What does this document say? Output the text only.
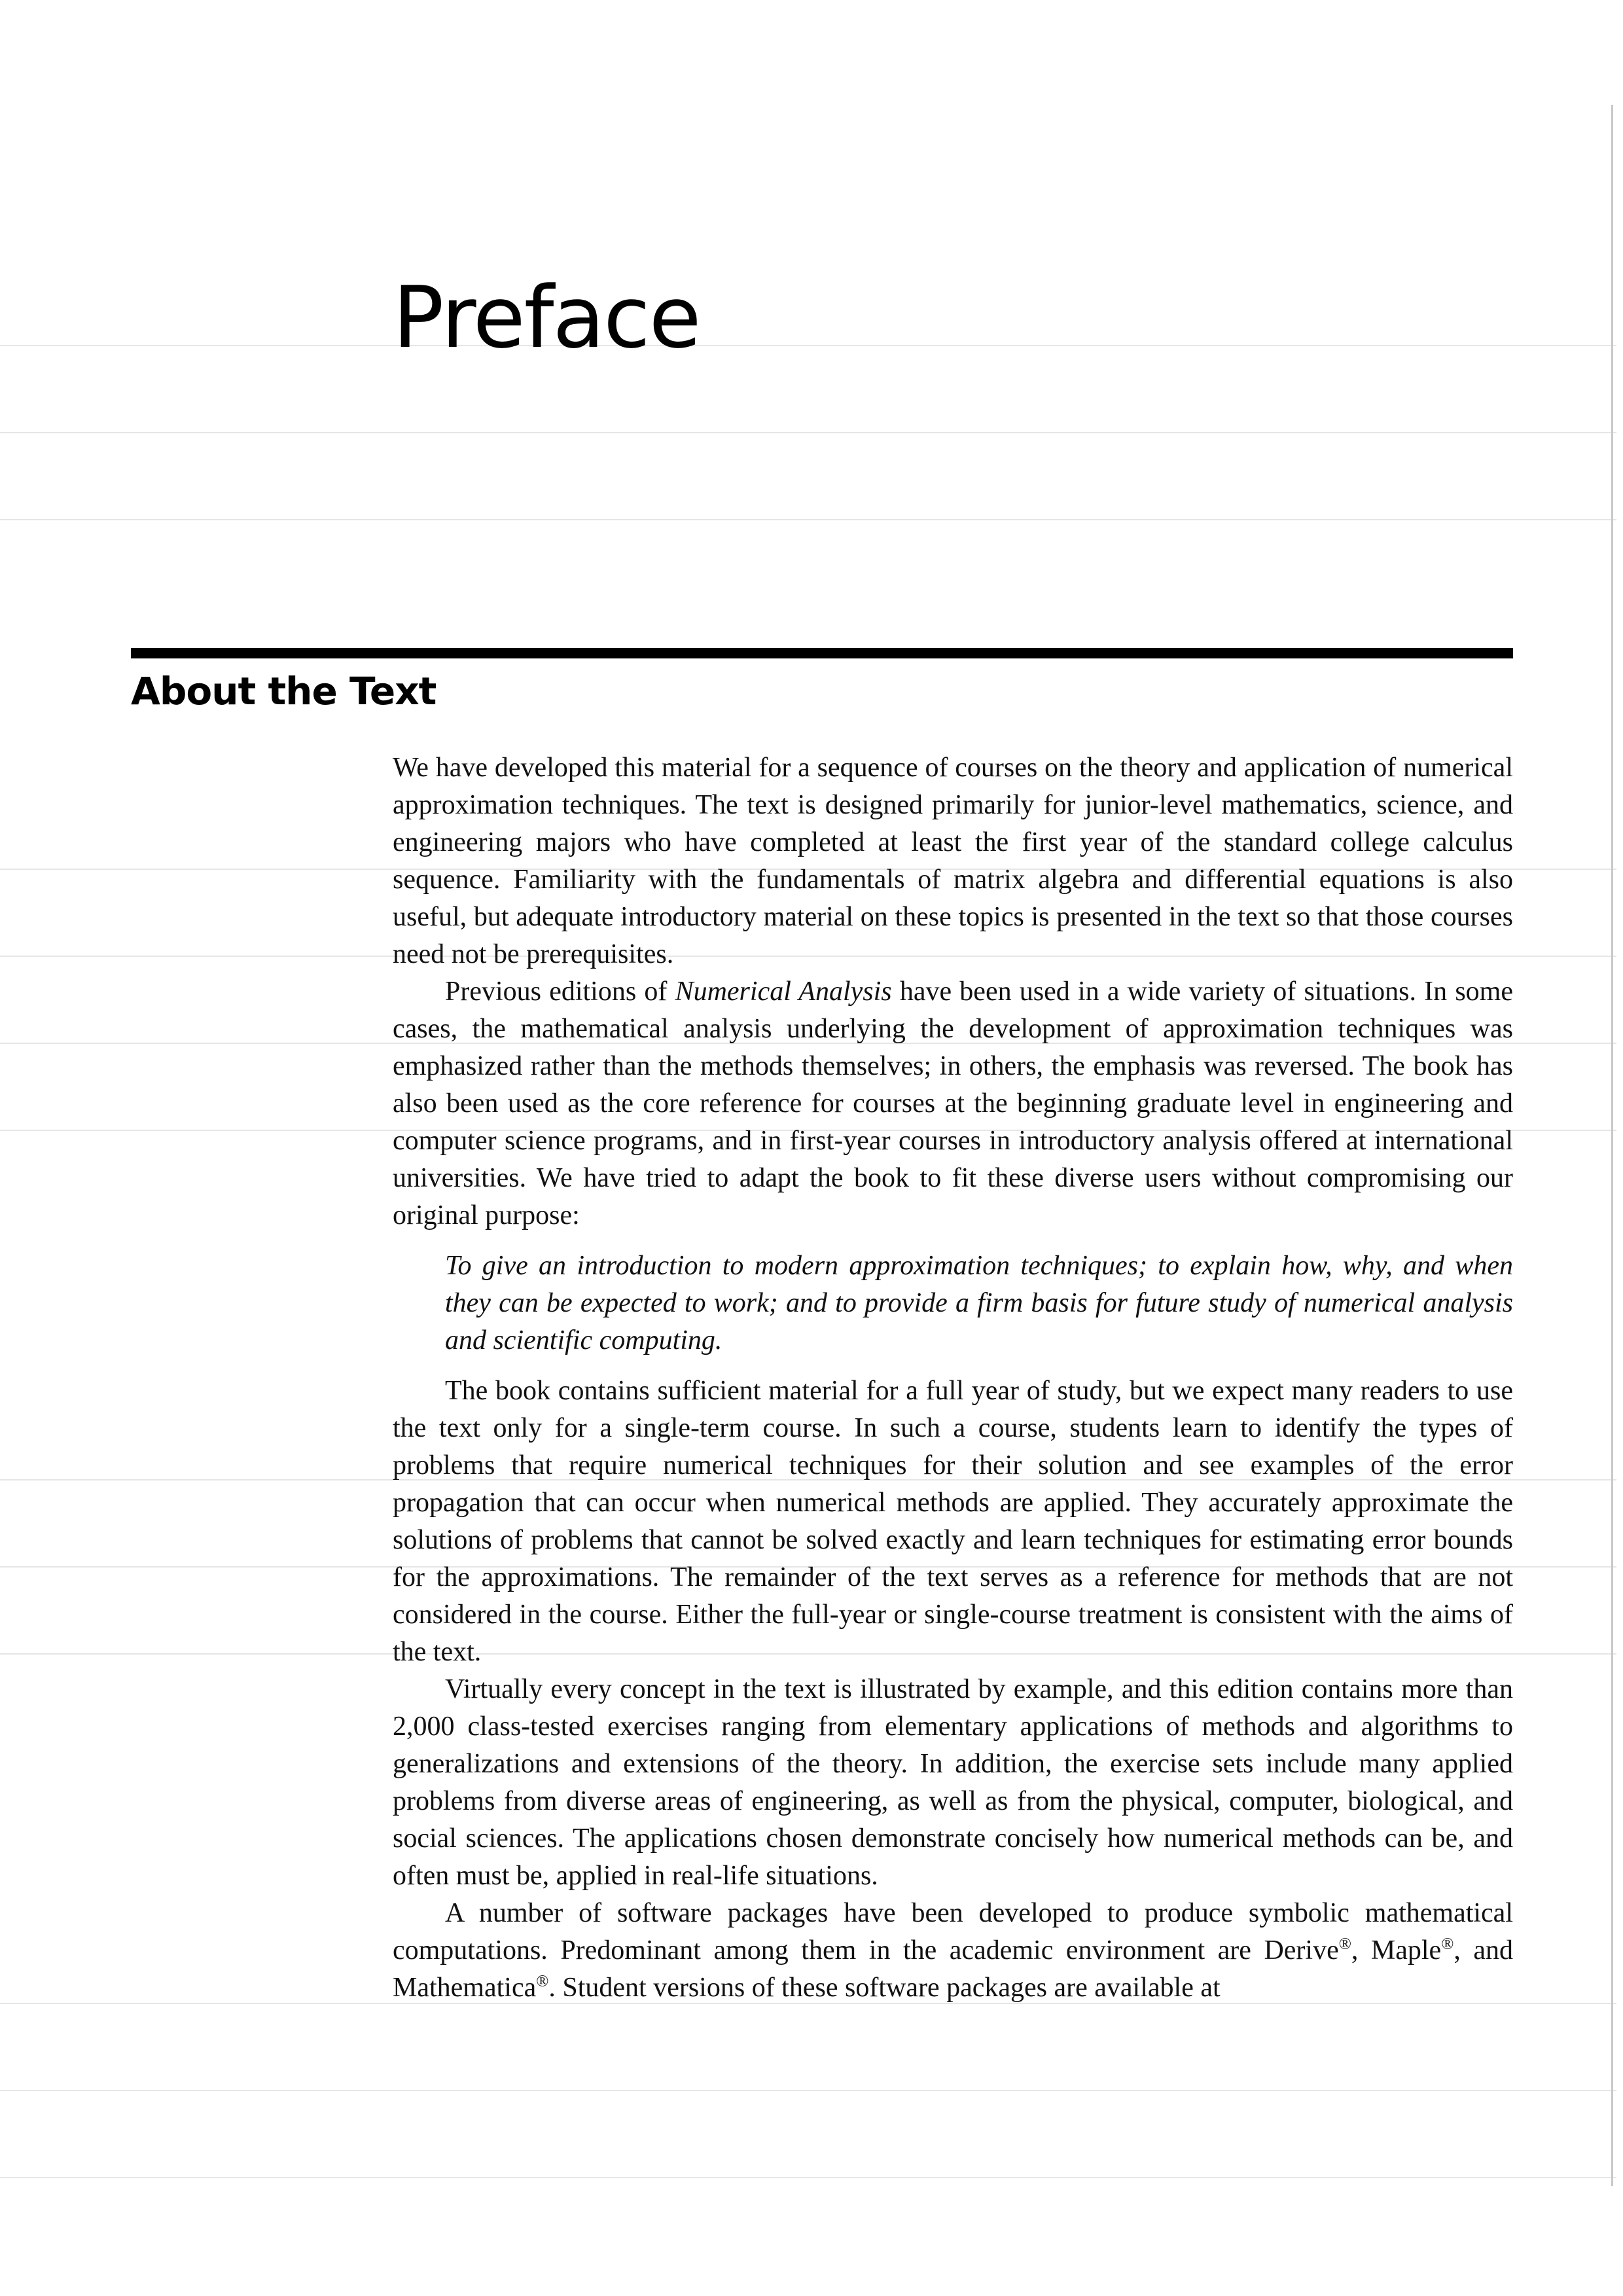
Preface
About the Text

We have developed this material for a sequence of courses on the theory and application of numerical approximation techniques. The text is designed primarily for junior-level mathematics, science, and engineering majors who have completed at least the first year of the standard college calculus sequence. Familiarity with the fundamentals of matrix algebra and differential equations is also useful, but adequate introductory material on these topics is presented in the text so that those courses need not be prerequisites.

Previous editions of Numerical Analysis have been used in a wide variety of situations. In some cases, the mathematical analysis underlying the development of approximation techniques was emphasized rather than the methods themselves; in others, the emphasis was reversed. The book has also been used as the core reference for courses at the beginning graduate level in engineering and computer science programs, and in first-year courses in introductory analysis offered at international universities. We have tried to adapt the book to fit these diverse users without compromising our original purpose:

To give an introduction to modern approximation techniques; to explain how, why, and when they can be expected to work; and to provide a firm basis for future study of numerical analysis and scientific computing.

The book contains sufficient material for a full year of study, but we expect many readers to use the text only for a single-term course. In such a course, students learn to identify the types of problems that require numerical techniques for their solution and see examples of the error propagation that can occur when numerical methods are applied. They accurately approximate the solutions of problems that cannot be solved exactly and learn techniques for estimating error bounds for the approximations. The remainder of the text serves as a reference for methods that are not considered in the course. Either the full-year or single-course treatment is consistent with the aims of the text.

Virtually every concept in the text is illustrated by example, and this edition contains more than 2,000 class-tested exercises ranging from elementary applications of methods and algorithms to generalizations and extensions of the theory. In addition, the exercise sets include many applied problems from diverse areas of engineering, as well as from the physical, computer, biological, and social sciences. The applications chosen demonstrate concisely how numerical methods can be, and often must be, applied in real-life situations.

A number of software packages have been developed to produce symbolic mathematical computations. Predominant among them in the academic environment are Derive®, Maple®, and Mathematica®. Student versions of these software packages are available at
